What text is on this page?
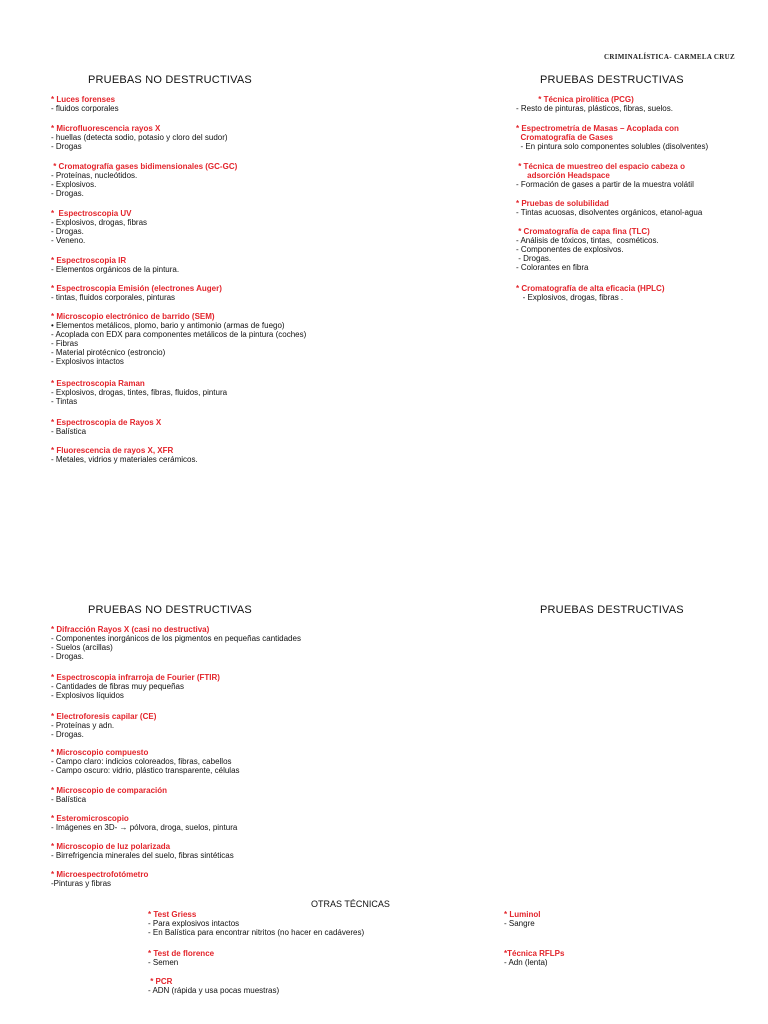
CRIMINALÍSTICA- CARMELA CRUZ
PRUEBAS NO DESTRUCTIVAS	PRUEBAS DESTRUCTIVAS
PRUEBAS NO DESTRUCTIVAS	PRUEBAS DESTRUCTIVAS
OTRAS TÉCNICAS
* Luces forenses
- fluidos corporales
* Microfluorescencia rayos X
- huellas (detecta sodio, potasio y cloro del sudor)
- Drogas
* Cromatografía gases bidimensionales (GC-GC)
- Proteínas, nucleótidos.
- Explosivos.
- Drogas.
*  Espectroscopia UV
- Explosivos, drogas, fibras
- Drogas.
- Veneno.
* Espectroscopia IR
- Elementos orgánicos de la pintura.
* Espectroscopia Emisión (electrones Auger)
- tintas, fluidos corporales, pinturas
* Microscopio electrónico de barrido (SEM)
• Elementos metálicos, plomo, bario y antimonio (armas de fuego)
- Acoplada con EDX para componentes metálicos de la pintura (coches)
- Fibras
- Material pirotécnico (estroncio)
- Explosivos intactos
* Espectroscopia Raman
- Explosivos, drogas, tintes, fibras, fluidos, pintura
- Tintas
* Espectroscopia de Rayos X
- Balística
* Fluorescencia de rayos X, XFR
- Metales, vidrios y materiales cerámicos.
* Técnica pirolítica (PCG)
- Resto de pinturas, plásticos, fibras, suelos.
* Espectrometría de Masas – Acoplada con
Cromatografía de Gases
- En pintura solo componentes solubles (disolventes)
* Técnica de muestreo del espacio cabeza o
adsorción Headspace
- Formación de gases a partir de la muestra volátil
* Pruebas de solubilidad
- Tintas acuosas, disolventes orgánicos, etanol-agua
* Cromatografía de capa fina (TLC)
- Análisis de tóxicos, tintas,  cosméticos.
- Componentes de explosivos.
- Drogas.
- Colorantes en fibra
* Cromatografía de alta eficacia (HPLC)
- Explosivos, drogas, fibras .
* Difracción Rayos X (casi no destructiva)
- Componentes inorgánicos de los pigmentos en pequeñas cantidades
- Suelos (arcillas)
- Drogas.
* Espectroscopia infrarroja de Fourier (FTIR)
- Cantidades de fibras muy pequeñas
- Explosivos líquidos
* Electroforesis capilar (CE)
- Proteínas y adn.
- Drogas.
* Microscopio compuesto
- Campo claro: indicios coloreados, fibras, cabellos
- Campo oscuro: vidrio, plástico transparente, células
* Microscopio de comparación
- Balística
* Esteromicroscopio
- Imágenes en 3D- → pólvora, droga, suelos, pintura
* Microscopio de luz polarizada
- Birrefrigencia minerales del suelo, fibras sintéticas
* Microespectrofotómetro
-Pinturas y fibras
* Test Griess
- Para explosivos intactos
- En Balística para encontrar nitritos (no hacer en cadáveres)
* Test de florence
- Semen
* PCR
- ADN (rápida y usa pocas muestras)
* Luminol
- Sangre
*Técnica RFLPs
- Adn (lenta)
